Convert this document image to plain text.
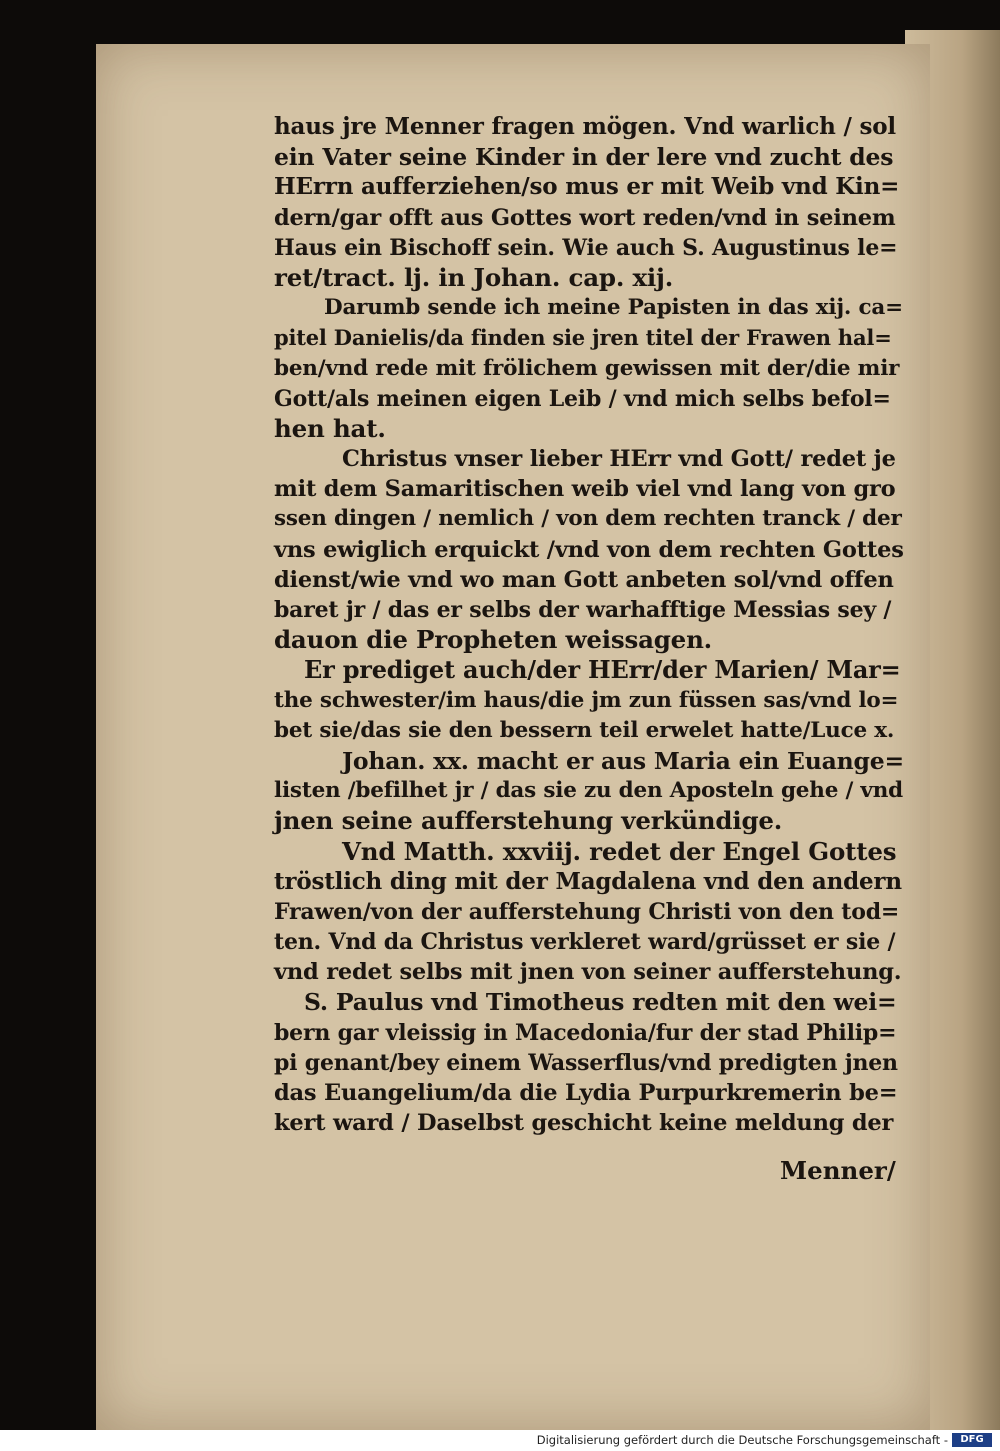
haus jre Menner fragen mögen. Vnd warlich / sol
ein Vater seine Kinder in der lere vnd zucht des
HErrn aufferziehen/so mus er mit Weib vnd Kin=
dern/gar offt aus Gottes wort reden/vnd in seinem
Haus ein Bischoff sein. Wie auch S. Augustinus le=
ret/tract. lj. in Johan. cap. xij.
Darumb sende ich meine Papisten in das xij. ca=
pitel Danielis/da finden sie jren titel der Frawen hal=
ben/vnd rede mit frölichem gewissen mit der/die mir
Gott/als meinen eigen Leib / vnd mich selbs befol=
hen hat.
Christus vnser lieber HErr vnd Gott/ redet je
mit dem Samaritischen weib viel vnd lang von gro
ssen dingen / nemlich / von dem rechten tranck / der
vns ewiglich erquickt /vnd von dem rechten Gottes
dienst/wie vnd wo man Gott anbeten sol/vnd offen
baret jr / das er selbs der warhafftige Messias sey /
dauon die Propheten weissagen.
Er prediget auch/der HErr/der Marien/ Mar=
the schwester/im haus/die jm zun füssen sas/vnd lo=
bet sie/das sie den bessern teil erwelet hatte/Luce x.
Johan. xx. macht er aus Maria ein Euange=
listen /befilhet jr / das sie zu den Aposteln gehe / vnd
jnen seine aufferstehung verkündige.
Vnd Matth. xxviij. redet der Engel Gottes
tröstlich ding mit der Magdalena vnd den andern
Frawen/von der aufferstehung Christi von den tod=
ten. Vnd da Christus verkleret ward/grüsset er sie /
vnd redet selbs mit jnen von seiner aufferstehung.
S. Paulus vnd Timotheus redten mit den wei=
bern gar vleissig in Macedonia/fur der stad Philip=
pi genant/bey einem Wasserflus/vnd predigten jnen
das Euangelium/da die Lydia Purpurkremerin be=
kert ward / Daselbst geschicht keine meldung der
Menner/
Digitalisierung gefördert durch die Deutsche Forschungsgemeinschaft -	DFG
